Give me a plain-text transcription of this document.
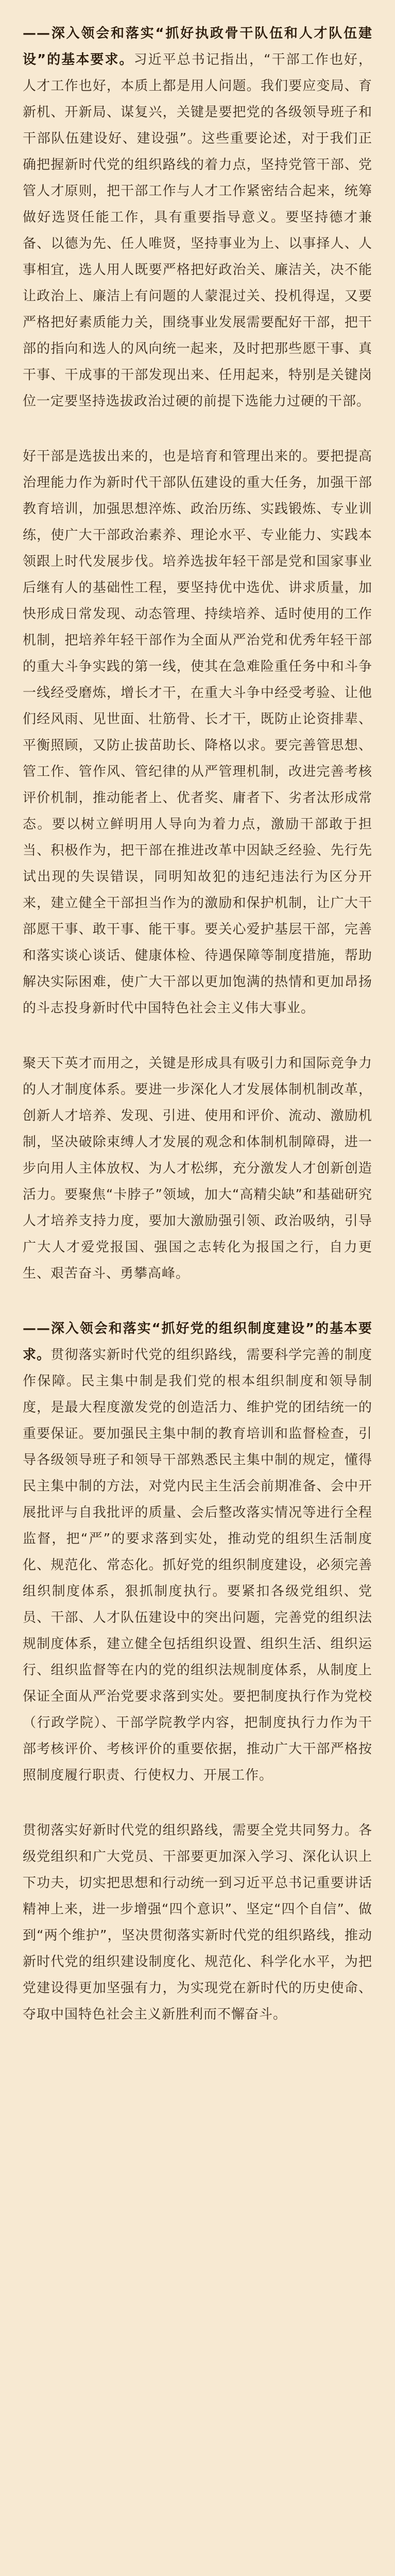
——深入领会和落实“抓好执政骨干队伍和人才队伍建设”的基本要求。习近平总书记指出，“干部工作也好，人才工作也好，本质上都是用人问题。我们要应变局、育新机、开新局、谋复兴，关键是要把党的各级领导班子和干部队伍建设好、建设强”。这些重要论述，对于我们正确把握新时代党的组织路线的着力点，坚持党管干部、党管人才原则，把干部工作与人才工作紧密结合起来，统筹做好选贤任能工作，具有重要指导意义。要坚持德才兼备、以德为先、任人唯贤，坚持事业为上、以事择人、人事相宜，选人用人既要严格把好政治关、廉洁关，决不能让政治上、廉洁上有问题的人蒙混过关、投机得逞，又要严格把好素质能力关，围绕事业发展需要配好干部，把干部的指向和选人的风向统一起来，及时把那些愿干事、真干事、干成事的干部发现出来、任用起来，特别是关键岗位一定要坚持选拔政治过硬的前提下选能力过硬的干部。

好干部是选拔出来的，也是培育和管理出来的。要把提高治理能力作为新时代干部队伍建设的重大任务，加强干部教育培训，加强思想淬炼、政治历练、实践锻炼、专业训练，使广大干部政治素养、理论水平、专业能力、实践本领跟上时代发展步伐。培养选拔年轻干部是党和国家事业后继有人的基础性工程，要坚持优中选优、讲求质量，加快形成日常发现、动态管理、持续培养、适时使用的工作机制，把培养年轻干部作为全面从严治党和优秀年轻干部的重大斗争实践的第一线，使其在急难险重任务中和斗争一线经受磨炼，增长才干，在重大斗争中经受考验、让他们经风雨、见世面、壮筋骨、长才干，既防止论资排辈、平衡照顾，又防止拔苗助长、降格以求。要完善管思想、管工作、管作风、管纪律的从严管理机制，改进完善考核评价机制，推动能者上、优者奖、庸者下、劣者汰形成常态。要以树立鲜明用人导向为着力点，激励干部敢于担当、积极作为，把干部在推进改革中因缺乏经验、先行先试出现的失误错误，同明知故犯的违纪违法行为区分开来，建立健全干部担当作为的激励和保护机制，让广大干部愿干事、敢干事、能干事。要关心爱护基层干部，完善和落实谈心谈话、健康体检、待遇保障等制度措施，帮助解决实际困难，使广大干部以更加饱满的热情和更加昂扬的斗志投身新时代中国特色社会主义伟大事业。

聚天下英才而用之，关键是形成具有吸引力和国际竞争力的人才制度体系。要进一步深化人才发展体制机制改革，创新人才培养、发现、引进、使用和评价、流动、激励机制，坚决破除束缚人才发展的观念和体制机制障碍，进一步向用人主体放权、为人才松绑，充分激发人才创新创造活力。要聚焦“卡脖子”领域，加大“高精尖缺”和基础研究人才培养支持力度，要加大激励强引领、政治吸纳，引导广大人才爱党报国、强国之志转化为报国之行，自力更生、艰苦奋斗、勇攀高峰。

——深入领会和落实“抓好党的组织制度建设”的基本要求。贯彻落实新时代党的组织路线，需要科学完善的制度作保障。民主集中制是我们党的根本组织制度和领导制度，是最大程度激发党的创造活力、维护党的团结统一的重要保证。要加强民主集中制的教育培训和监督检查，引导各级领导班子和领导干部熟悉民主集中制的规定，懂得民主集中制的方法，对党内民主生活会前期准备、会中开展批评与自我批评的质量、会后整改落实情况等进行全程监督，把“严”的要求落到实处，推动党的组织生活制度化、规范化、常态化。抓好党的组织制度建设，必须完善组织制度体系，狠抓制度执行。要紧扣各级党组织、党员、干部、人才队伍建设中的突出问题，完善党的组织法规制度体系，建立健全包括组织设置、组织生活、组织运行、组织监督等在内的党的组织法规制度体系，从制度上保证全面从严治党要求落到实处。要把制度执行作为党校（行政学院）、干部学院教学内容，把制度执行力作为干部考核评价、考核评价的重要依据，推动广大干部严格按照制度履行职责、行使权力、开展工作。

贯彻落实好新时代党的组织路线，需要全党共同努力。各级党组织和广大党员、干部要更加深入学习、深化认识上下功夫，切实把思想和行动统一到习近平总书记重要讲话精神上来，进一步增强“四个意识”、坚定“四个自信”、做到“两个维护”，坚决贯彻落实新时代党的组织路线，推动新时代党的组织建设制度化、规范化、科学化水平，为把党建设得更加坚强有力，为实现党在新时代的历史使命、夺取中国特色社会主义新胜利而不懈奋斗。
